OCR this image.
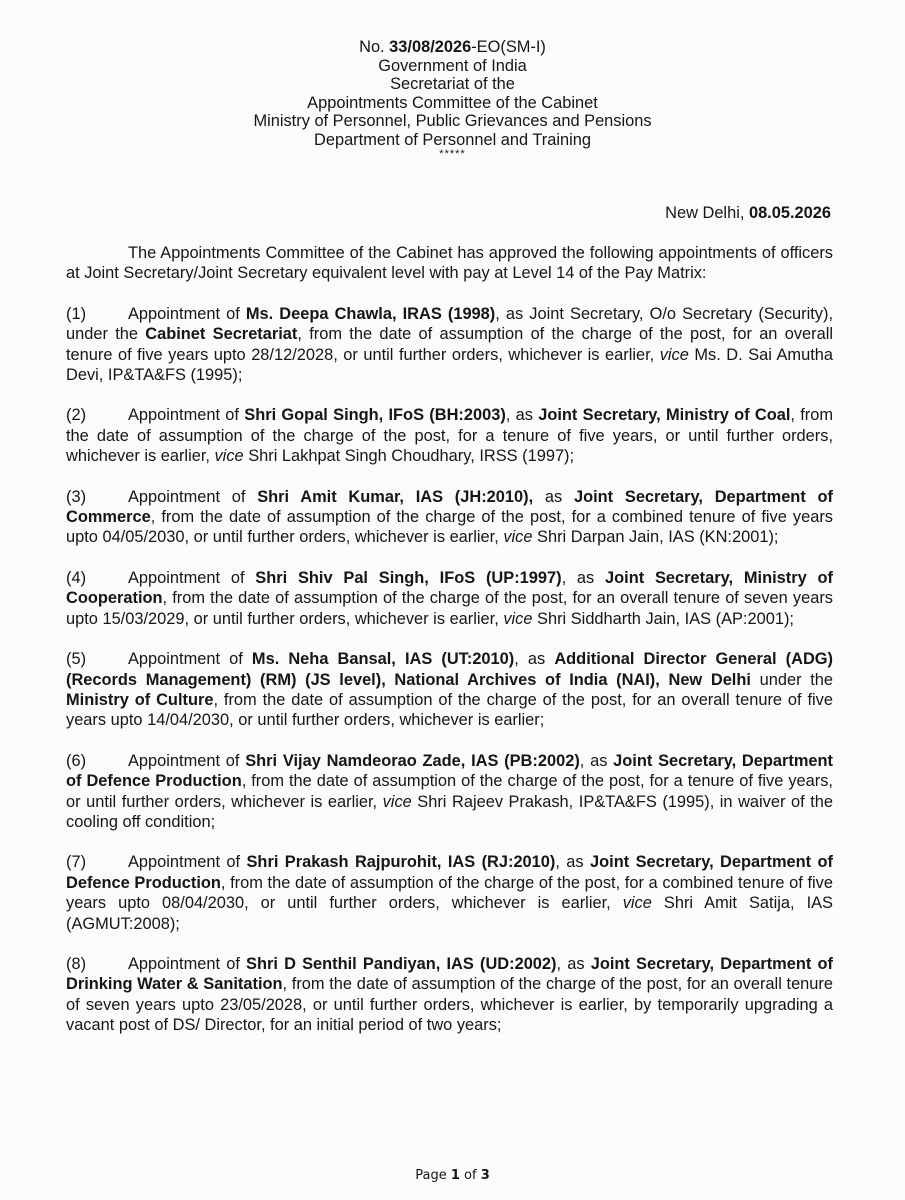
No. 33/08/2026-EO(SM-I)
Government of India
Secretariat of the
Appointments Committee of the Cabinet
Ministry of Personnel, Public Grievances and Pensions
Department of Personnel and Training
*****
New Delhi, 08.05.2026

The Appointments Committee of the Cabinet has approved the following appointments of officers at Joint Secretary/Joint Secretary equivalent level with pay at Level 14 of the Pay Matrix:

(1)	Appointment of Ms. Deepa Chawla, IRAS (1998), as Joint Secretary, O/o Secretary (Security), under the Cabinet Secretariat, from the date of assumption of the charge of the post, for an overall tenure of five years upto 28/12/2028, or until further orders, whichever is earlier, vice Ms. D. Sai Amutha Devi, IP&TA&FS (1995);

(2)	Appointment of Shri Gopal Singh, IFoS (BH:2003), as Joint Secretary, Ministry of Coal, from the date of assumption of the charge of the post, for a tenure of five years, or until further orders, whichever is earlier, vice Shri Lakhpat Singh Choudhary, IRSS (1997);

(3)	Appointment of Shri Amit Kumar, IAS (JH:2010), as Joint Secretary, Department of Commerce, from the date of assumption of the charge of the post, for a combined tenure of five years upto 04/05/2030, or until further orders, whichever is earlier, vice Shri Darpan Jain, IAS (KN:2001);

(4)	Appointment of Shri Shiv Pal Singh, IFoS (UP:1997), as Joint Secretary, Ministry of Cooperation, from the date of assumption of the charge of the post, for an overall tenure of seven years upto 15/03/2029, or until further orders, whichever is earlier, vice Shri Siddharth Jain, IAS (AP:2001);

(5)	Appointment of Ms. Neha Bansal, IAS (UT:2010), as Additional Director General (ADG) (Records Management) (RM) (JS level), National Archives of India (NAI), New Delhi under the Ministry of Culture, from the date of assumption of the charge of the post, for an overall tenure of five years upto 14/04/2030, or until further orders, whichever is earlier;

(6)	Appointment of Shri Vijay Namdeorao Zade, IAS (PB:2002), as Joint Secretary, Department of Defence Production, from the date of assumption of the charge of the post, for a tenure of five years, or until further orders, whichever is earlier, vice Shri Rajeev Prakash, IP&TA&FS (1995), in waiver of the cooling off condition;

(7)	Appointment of Shri Prakash Rajpurohit, IAS (RJ:2010), as Joint Secretary, Department of Defence Production, from the date of assumption of the charge of the post, for a combined tenure of five years upto 08/04/2030, or until further orders, whichever is earlier, vice Shri Amit Satija, IAS (AGMUT:2008);

(8)	Appointment of Shri D Senthil Pandiyan, IAS (UD:2002), as Joint Secretary, Department of Drinking Water & Sanitation, from the date of assumption of the charge of the post, for an overall tenure of seven years upto 23/05/2028, or until further orders, whichever is earlier, by temporarily upgrading a vacant post of DS/ Director, for an initial period of two years;

Page 1 of 3
